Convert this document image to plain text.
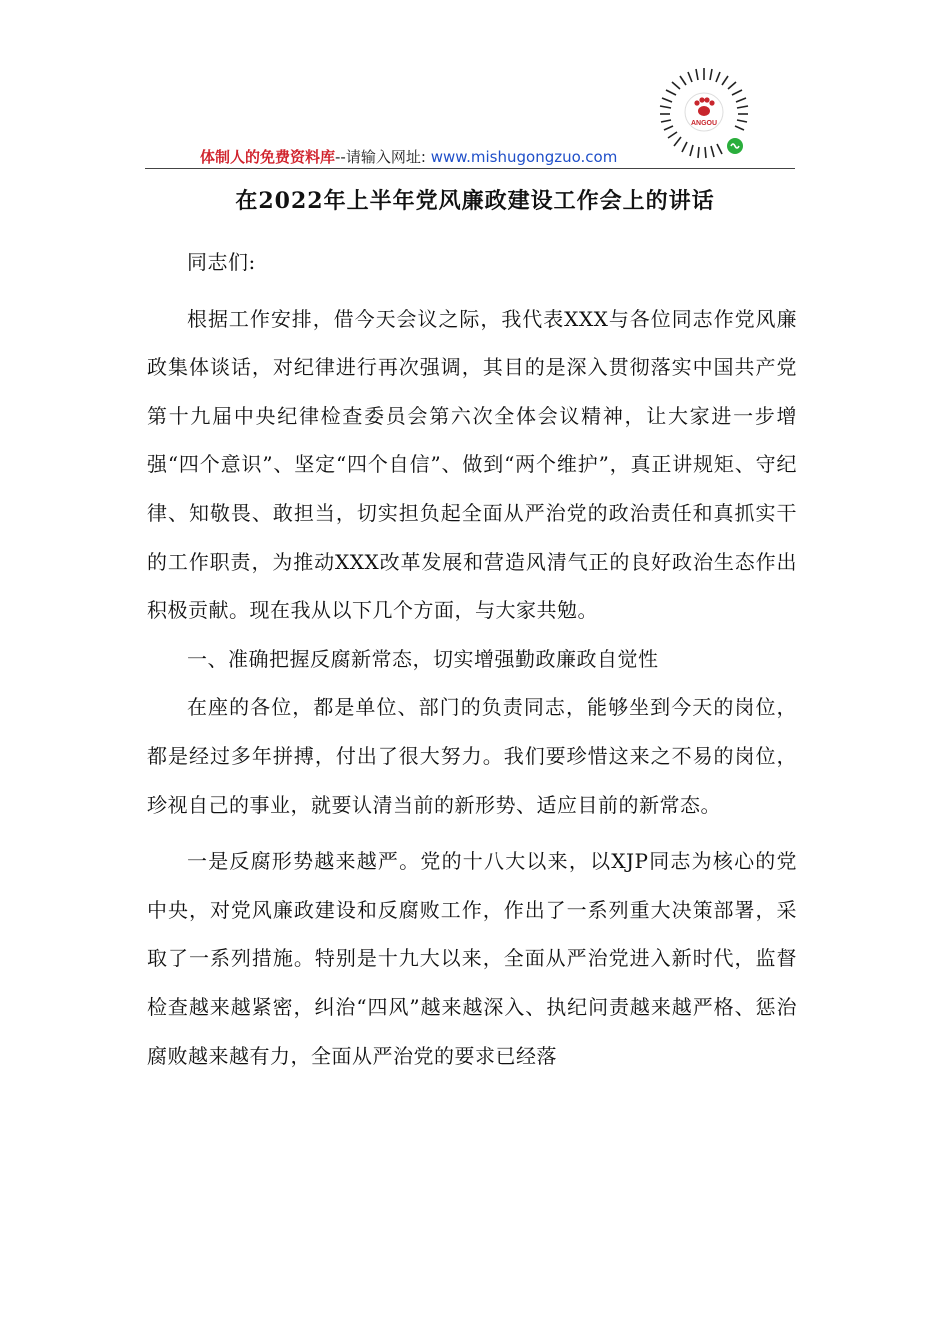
体制人的免费资料库--请输入网址: www.mishugongzuo.com
ANGOU
在2022年上半年党风廉政建设工作会上的讲话

同志们:

根据工作安排，借今天会议之际，我代表XXX与各位同志作党风廉政集体谈话，对纪律进行再次强调，其目的是深入贯彻落实中国共产党第十九届中央纪律检查委员会第六次全体会议精神，让大家进一步增强“四个意识”、坚定“四个自信”、做到“两个维护”，真正讲规矩、守纪律、知敬畏、敢担当，切实担负起全面从严治党的政治责任和真抓实干的工作职责，为推动XXX改革发展和营造风清气正的良好政治生态作出积极贡献。现在我从以下几个方面，与大家共勉。

一、准确把握反腐新常态，切实增强勤政廉政自觉性

在座的各位，都是单位、部门的负责同志，能够坐到今天的岗位，都是经过多年拼搏，付出了很大努力。我们要珍惜这来之不易的岗位，珍视自己的事业，就要认清当前的新形势、适应目前的新常态。

一是反腐形势越来越严。党的十八大以来，以XJP同志为核心的党中央，对党风廉政建设和反腐败工作，作出了一系列重大决策部署，采取了一系列措施。特别是十九大以来，全面从严治党进入新时代，监督检查越来越紧密，纠治“四风”越来越深入、执纪问责越来越严格、惩治腐败越来越有力，全面从严治党的要求已经落
